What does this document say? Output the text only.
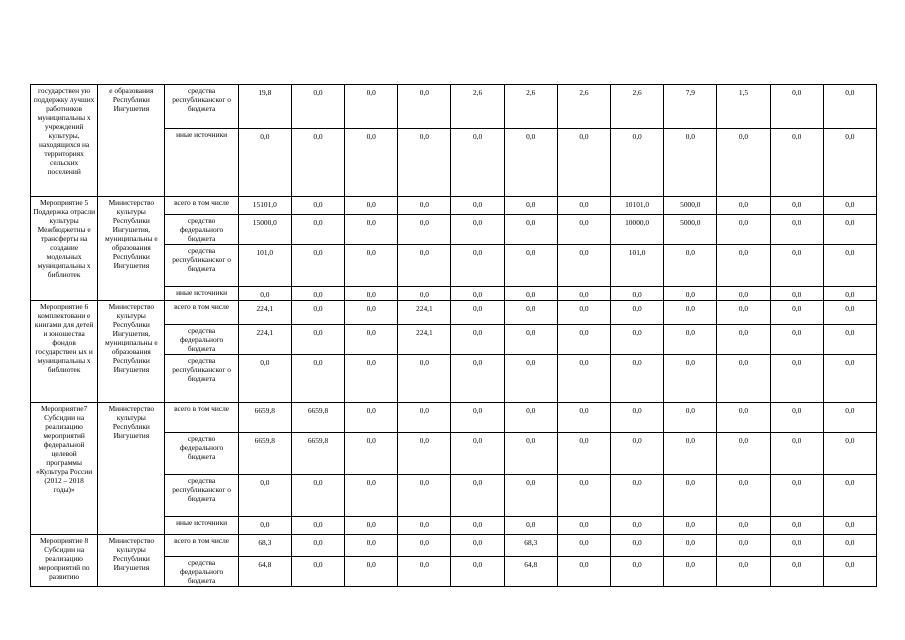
государствен ую поддержку лучших работников муниципальны х учреждений культуры, находящихся на территориях сельских поселений	е образования Республики Ингушетия	средства республиканског о бюджета	19,8	0,0	0,0	0,0	2,6	2,6	2,6	2,6	7,9	1,5	0,0	0,0
		иные источники	0,0	0,0	0,0	0,0	0,0	0,0	0,0	0,0	0,0	0,0	0,0	0,0
Мероприятие 5 Поддержка отрасли культуры Межбюджетны е трансферты на создание модельных муниципальны х библиотек	Министерство культуры Республики Ингушетия, муниципальны е образования Республики Ингушетия	всего в том числе	15101,0	0,0	0,0	0,0	0,0	0,0	0,0	10101,0	5000,0	0,0	0,0	0,0
		средство федерального бюджета	15000,0	0,0	0,0	0,0	0,0	0,0	0,0	10000,0	5000,0	0,0	0,0	0,0
		средства республиканског о бюджета	101,0	0,0	0,0	0,0	0,0	0,0	0,0	101,0	0,0	0,0	0,0	0,0
		иные источники	0,0	0,0	0,0	0,0	0,0	0,0	0,0	0,0	0,0	0,0	0,0	0,0
Мероприятие 6 комплектовани е книгами для детей и юношества фондов государствен ых и муниципальны х библиотек	Министерство культуры Республики Ингушетия, муниципальны е образования Республики Ингушетия	всего в том числе	224,1	0,0	0,0	224,1	0,0	0,0	0,0	0,0	0,0	0,0	0,0	0,0
		средства федерального бюджета	224,1	0,0	0,0	224,1	0,0	0,0	0,0	0,0	0,0	0,0	0,0	0,0
		средства республиканског о бюджета	0,0	0,0	0,0	0,0	0,0	0,0	0,0	0,0	0,0	0,0	0,0	0,0
Мероприятие7 Субсидии на реализацию мероприятий федеральной целевой программы «Культура России (2012 – 2018 годы)»	Министерство культуры Республики Ингушетия	всего в том числе	6659,8	6659,8	0,0	0,0	0,0	0,0	0,0	0,0	0,0	0,0	0,0	0,0
		средство федерального бюджета	6659,8	6659,8	0,0	0,0	0,0	0,0	0,0	0,0	0,0	0,0	0,0	0,0
		средства республиканског о бюджета	0,0	0,0	0,0	0,0	0,0	0,0	0,0	0,0	0,0	0,0	0,0	0,0
		иные источники	0,0	0,0	0,0	0,0	0,0	0,0	0,0	0,0	0,0	0,0	0,0	0,0
Мероприятие 8 Субсидии на реализацию мероприятий по развитию	Министерство культуры Республики Ингушетия	всего в том числе	68,3	0,0	0,0	0,0	0,0	68,3	0,0	0,0	0,0	0,0	0,0	0,0
		средства федерального бюджета	64,8	0,0	0,0	0,0	0,0	64,8	0,0	0,0	0,0	0,0	0,0	0,0
